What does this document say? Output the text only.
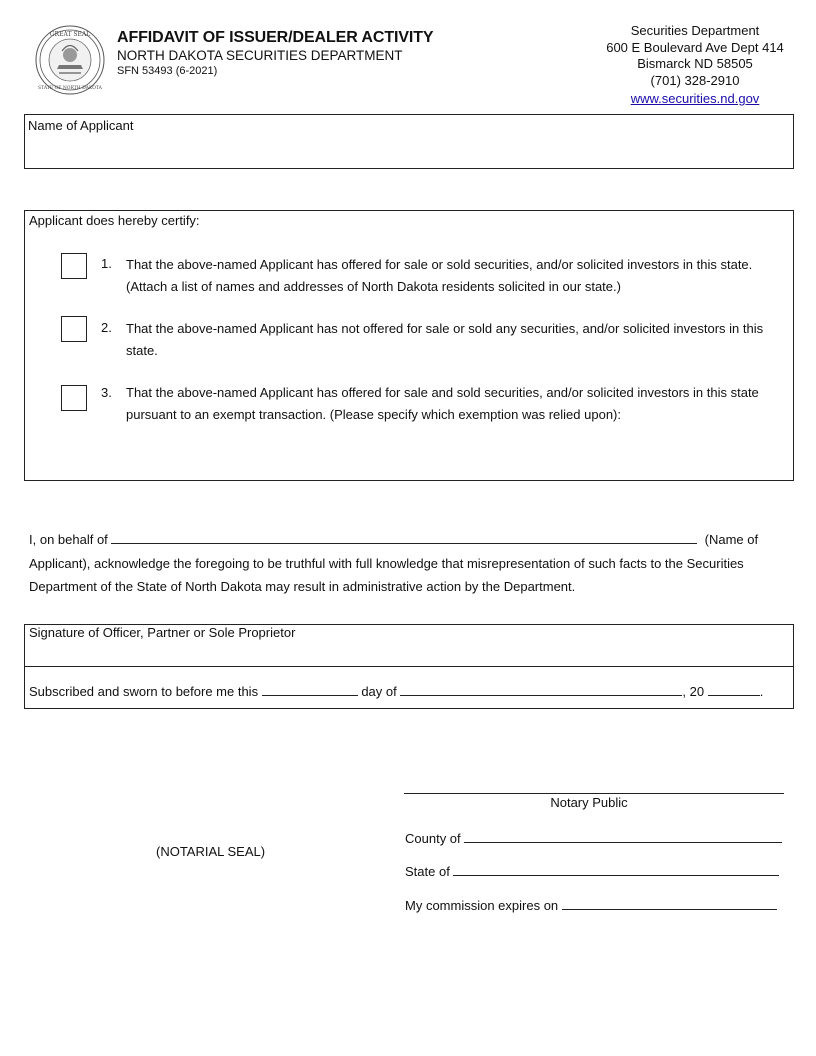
GREAT SEAL
STATE OF NORTH DAKOTA
AFFIDAVIT OF ISSUER/DEALER ACTIVITY
NORTH DAKOTA SECURITIES DEPARTMENT
SFN 53493 (6-2021)
Securities Department
600 E Boulevard Ave Dept 414
Bismarck ND 58505
(701) 328-2910
www.securities.nd.gov
Name of Applicant
Applicant does hereby certify:
1. That the above-named Applicant has offered for sale or sold securities, and/or solicited investors in this state. (Attach a list of names and addresses of North Dakota residents solicited in our state.)
2. That the above-named Applicant has not offered for sale or sold any securities, and/or solicited investors in this state.
3. That the above-named Applicant has offered for sale and sold securities, and/or solicited investors in this state pursuant to an exempt transaction. (Please specify which exemption was relied upon):
I, on behalf of	(Name of Applicant), acknowledge the foregoing to be truthful with full knowledge that misrepresentation of such facts to the Securities Department of the State of North Dakota may result in administrative action by the Department.
Signature of Officer, Partner or Sole Proprietor
Subscribed and sworn to before me this	day of	, 20	.
Notary Public
(NOTARIAL SEAL)
County of
State of
My commission expires on
